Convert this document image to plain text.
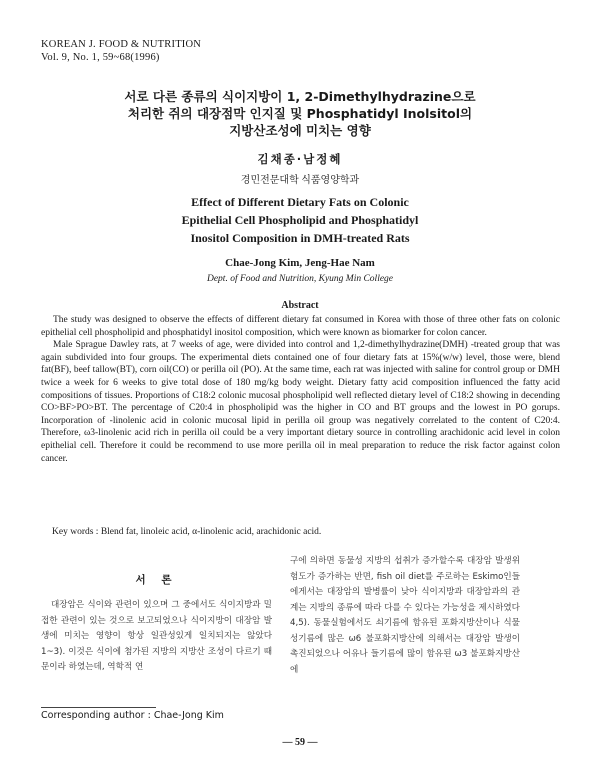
KOREAN J. FOOD & NUTRITION
Vol. 9, No. 1, 59~68(1996)
서로 다른 종류의 식이지방이 1, 2-Dimethylhydrazine으로
처리한 쥐의 대장점막 인지질 및 Phosphatidyl Inolsitol의
지방산조성에 미치는 영향
김채종·남정혜
경민전문대학 식품영양학과
Effect of Different Dietary Fats on Colonic
Epithelial Cell Phospholipid and Phosphatidyl
Inositol Composition in DMH-treated Rats
Chae-Jong Kim, Jeng-Hae Nam
Dept. of Food and Nutrition, Kyung Min College
Abstract

The study was designed to observe the effects of different dietary fat consumed in Korea with those of three other fats on colonic epithelial cell phospholipid and phosphatidyl inositol composition, which were known as biomarker for colon cancer.

Male Sprague Dawley rats, at 7 weeks of age, were divided into control and 1,2-dimethylhydrazine(DMH) -treated group that was again subdivided into four groups. The experimental diets contained one of four dietary fats at 15%(w/w) level, those were, blend fat(BF), beef tallow(BT), corn oil(CO) or perilla oil (PO). At the same time, each rat was injected with saline for control group or DMH twice a week for 6 weeks to give total dose of 180 mg/kg body weight. Dietary fatty acid composition influenced the fatty acid compositions of tissues. Proportions of C18:2 colonic mucosal phospholipid well reflected dietary level of C18:2 showing in decending CO>BF>PO>BT. The percentage of C20:4 in phospholipid was the higher in CO and BT groups and the lowest in PO gorups. Incorporation of -linolenic acid in colonic mucosal lipid in perilla oil group was negatively correlated to the content of C20:4. Therefore, ω3-linolenic acid rich in perilla oil could be a very important dietary source in controlling arachidonic acid level in colon epithelial cell. Therefore it could be recommend to use more perilla oil in meal preparation to reduce the risk factor against colon cancer.

Key words : Blend fat, linoleic acid, α-linolenic acid, arachidonic acid.
서 론
대장암은 식이와 관련이 있으며 그 중에서도 식이지방과 밀접한 관련이 있는 것으로 보고되었으나 식이지방이 대장암 발생에 미치는 영향이 항상 일관성있게 일치되지는 않았다1~3). 이것은 식이에 첨가된 지방의 지방산 조성이 다르기 때문이라 하였는데, 역학적 연
구에 의하면 동물성 지방의 섭취가 증가할수록 대장암 발생위험도가 증가하는 반면, fish oil diet를 주로하는 Eskimo인들에게서는 대장암의 발병률이 낮아 식이지방과 대장암과의 관계는 지방의 종류에 따라 다를 수 있다는 가능성을 제시하였다4,5). 동물실험에서도 쇠기름에 함유된 포화지방산이나 식물성기름에 많은 ω6 불포화지방산에 의해서는 대장암 발생이 촉진되었으나 어유나 들기름에 많이 함유된 ω3 불포화지방산에
Corresponding author : Chae-Jong Kim
— 59 —
